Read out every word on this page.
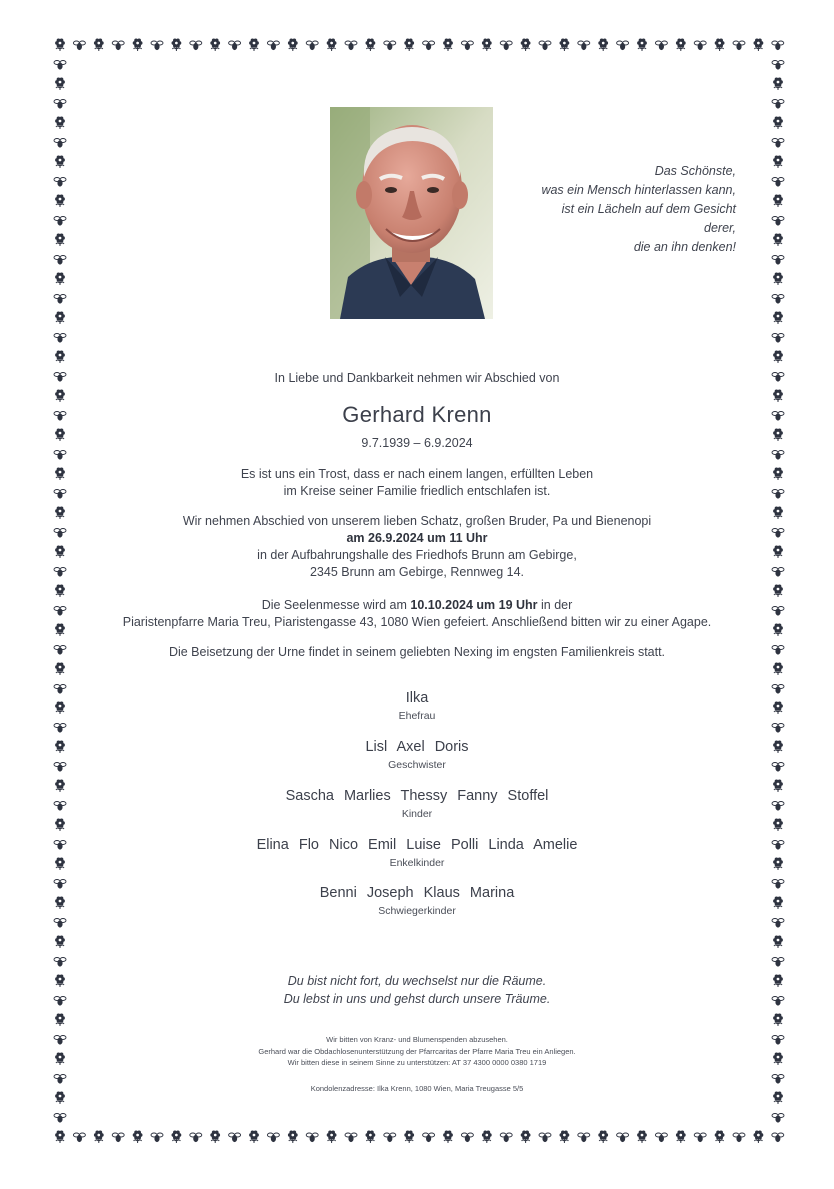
Das Schönste,
was ein Mensch hinterlassen kann,
ist ein Lächeln auf dem Gesicht
derer,
die an ihn denken!
In Liebe und Dankbarkeit nehmen wir Abschied von
Gerhard Krenn
9.7.1939 – 6.9.2024
Es ist uns ein Trost, dass er nach einem langen, erfüllten Leben
im Kreise seiner Familie friedlich entschlafen ist.
Wir nehmen Abschied von unserem lieben Schatz, großen Bruder, Pa und Bienenopi
am 26.9.2024 um 11 Uhr
in der Aufbahrungshalle des Friedhofs Brunn am Gebirge,
2345 Brunn am Gebirge, Rennweg 14.
Die Seelenmesse wird am 10.10.2024 um 19 Uhr in der
Piaristenpfarre Maria Treu, Piaristengasse 43, 1080 Wien gefeiert. Anschließend bitten wir zu einer Agape.
Die Beisetzung der Urne findet in seinem geliebten Nexing im engsten Familienkreis statt.
Ilka
Ehefrau
Lisl Axel Doris
Geschwister
Sascha Marlies Thessy Fanny Stoffel
Kinder
Elina Flo Nico Emil Luise Polli Linda Amelie
Enkelkinder
Benni Joseph Klaus Marina
Schwiegerkinder
Du bist nicht fort, du wechselst nur die Räume.
Du lebst in uns und gehst durch unsere Träume.
Wir bitten von Kranz- und Blumenspenden abzusehen.
Gerhard war die Obdachlosenunterstützung der Pfarrcaritas der Pfarre Maria Treu ein Anliegen.
Wir bitten diese in seinem Sinne zu unterstützen: AT 37 4300 0000 0380 1719
Kondolenzadresse: Ilka Krenn, 1080 Wien, Maria Treugasse 5/5
